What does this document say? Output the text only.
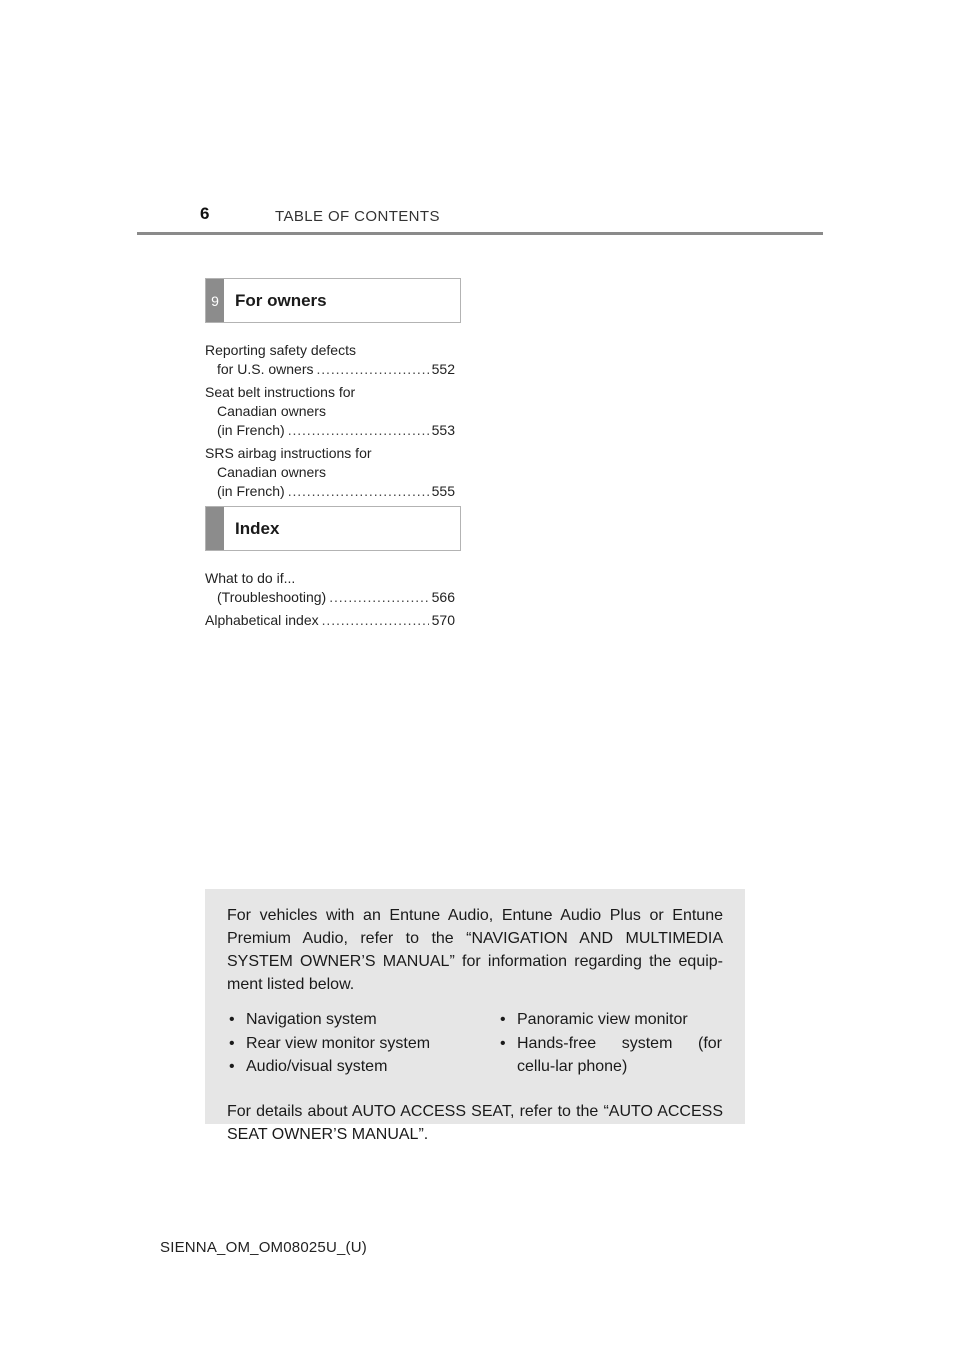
6	TABLE OF CONTENTS
9 For owners
Reporting safety defects
for U.S. owners . . .	552
Seat belt instructions for
Canadian owners
(in French) . . .	553
SRS airbag instructions for
Canadian owners
(in French) . . .	555
Index
What to do if...
(Troubleshooting) . . .	566
Alphabetical index . . .	570

For vehicles with an Entune Audio, Entune Audio Plus or Entune Premium Audio, refer to the “NAVIGATION AND MULTIMEDIA SYSTEM OWNER’S MANUAL” for information regarding the equip-ment listed below.

• Navigation system
• Rear view monitor system
• Audio/visual system
• Panoramic view monitor
• Hands-free system (for cellu-lar phone)

For details about AUTO ACCESS SEAT, refer to the “AUTO ACCESS SEAT OWNER’S MANUAL”.

SIENNA_OM_OM08025U_(U)
